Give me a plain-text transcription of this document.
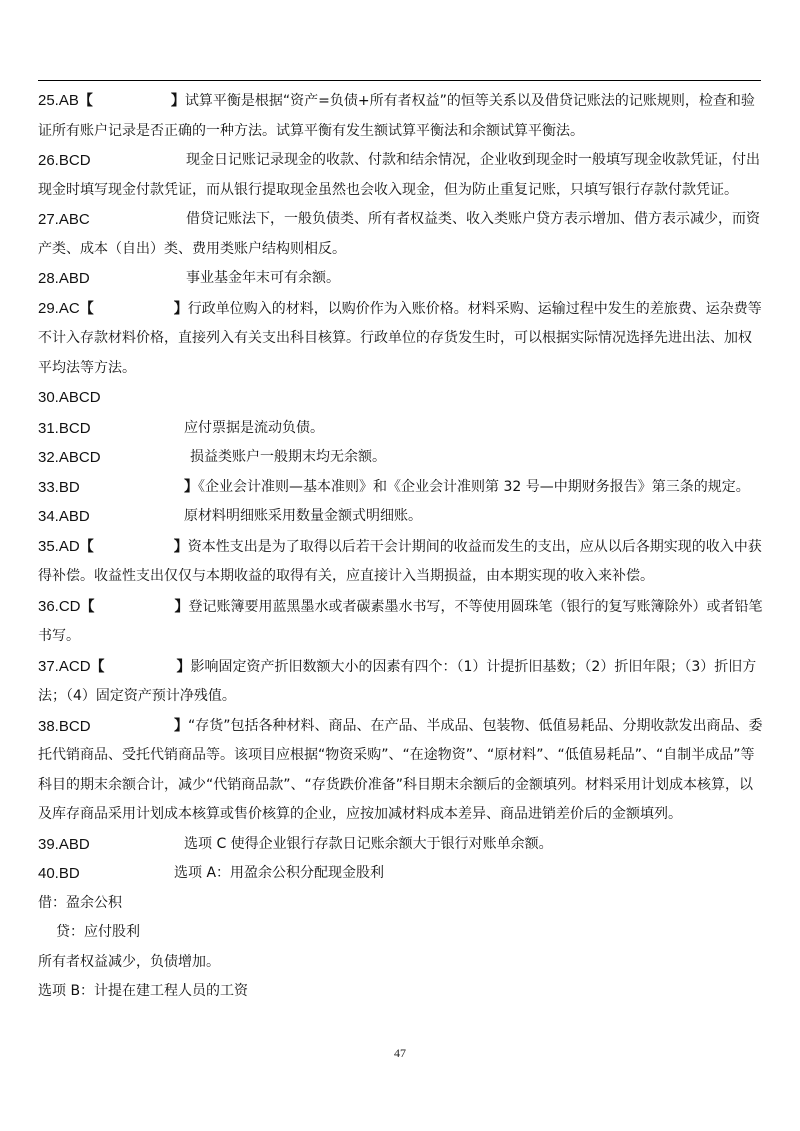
25.AB【	】试算平衡是根据“资产=负债+所有者权益”的恒等关系以及借贷记账法的记账规则，检查和验证所有账户记录是否正确的一种方法。试算平衡有发生额试算平衡法和余额试算平衡法。
26.BCD	现金日记账记录现金的收款、付款和结余情况，企业收到现金时一般填写现金收款凭证，付出现金时填写现金付款凭证，而从银行提取现金虽然也会收入现金，但为防止重复记账，只填写银行存款付款凭证。
27.ABC	借贷记账法下，一般负债类、所有者权益类、收入类账户贷方表示增加、借方表示减少，而资产类、成本（自出）类、费用类账户结构则相反。
28.ABD	事业基金年末可有余额。
29.AC【	】行政单位购入的材料，以购价作为入账价格。材料采购、运输过程中发生的差旅费、运杂费等不计入存款材料价格，直接列入有关支出科目核算。行政单位的存货发生时，可以根据实际情况选择先进出法、加权平均法等方法。
30.ABCD
31.BCD	应付票据是流动负债。
32.ABCD	损益类账户一般期末均无余额。
33.BD	】《企业会计准则—基本准则》和《企业会计准则第 32 号—中期财务报告》第三条的规定。
34.ABD	原材料明细账采用数量金额式明细账。
35.AD【	】资本性支出是为了取得以后若干会计期间的收益而发生的支出，应从以后各期实现的收入中获得补偿。收益性支出仅仅与本期收益的取得有关，应直接计入当期损益，由本期实现的收入来补偿。
36.CD【	】登记账簿要用蓝黑墨水或者碳素墨水书写，不等使用圆珠笔（银行的复写账簿除外）或者铅笔书写。
37.ACD【	】影响固定资产折旧数额大小的因素有四个：（1）计提折旧基数；（2）折旧年限；（3）折旧方法；（4）固定资产预计净残值。
38.BCD	】“存货”包括各种材料、商品、在产品、半成品、包装物、低值易耗品、分期收款发出商品、委托代销商品、受托代销商品等。该项目应根据“物资采购”、“在途物资”、“原材料”、“低值易耗品”、“自制半成品”等科目的期末余额合计，减少“代销商品款”、“存货跌价准备”科目期末余额后的金额填列。材料采用计划成本核算，以及库存商品采用计划成本核算或售价核算的企业，应按加减材料成本差异、商品进销差价后的金额填列。
39.ABD	选项 C 使得企业银行存款日记账余额大于银行对账单余额。
40.BD	选项 A：用盈余公积分配现金股利
借：盈余公积
贷：应付股利
所有者权益减少，负债增加。
选项 B：计提在建工程人员的工资
47
